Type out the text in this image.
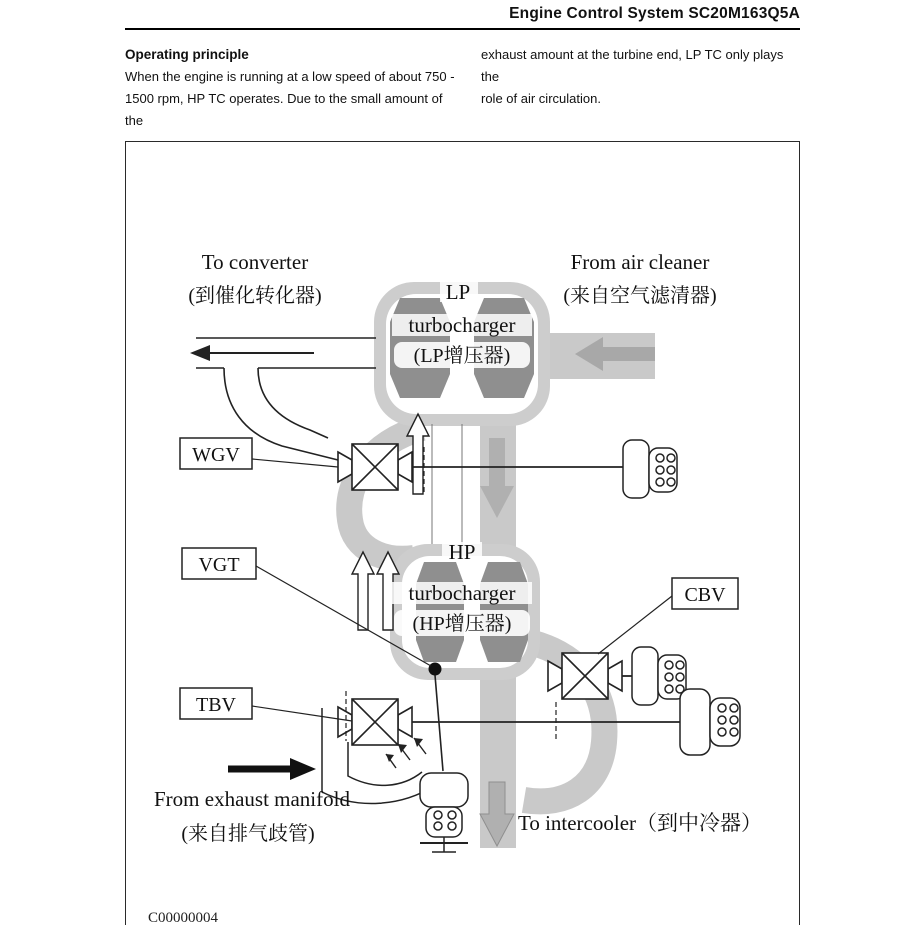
Engine Control System SC20M163Q5A

Operating principle

When the engine is running at a low speed of about 750 -

1500 rpm, HP TC operates. Due to the small amount of the

exhaust amount at the turbine end, LP TC only plays the

role of air circulation.

WGV
VGT
CBV
TBV
To converter
(到催化转化器)
From air cleaner
(来自空气滤清器)
LP
turbocharger
(LP增压器)
HP
turbocharger
(HP增压器)
From exhaust manifold
(来自排气歧管)	To intercooler（到中冷器）
C00000004
